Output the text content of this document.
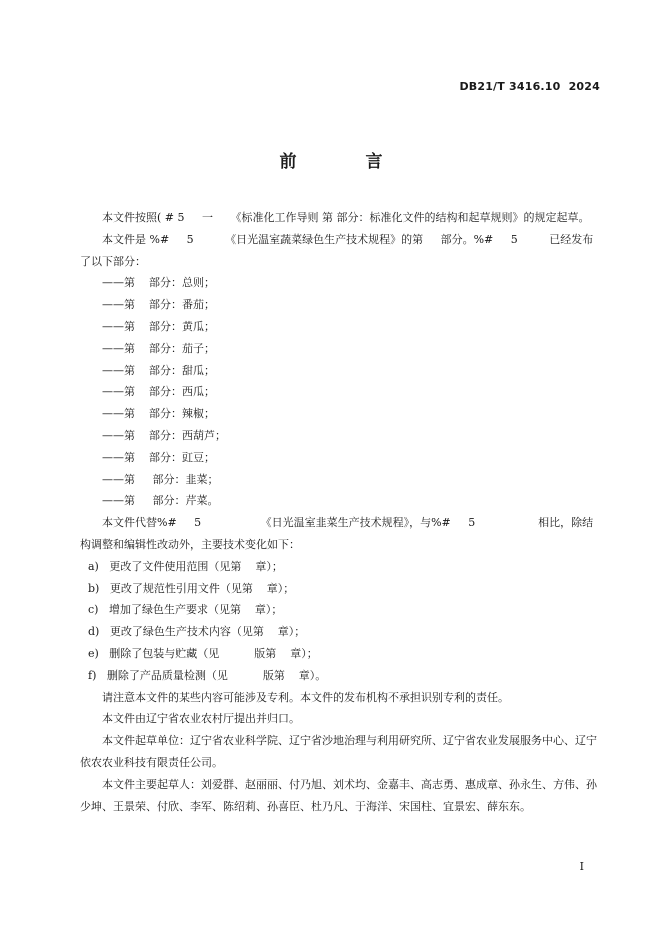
DB21/T 3416.10  2024
前　言

本文件按照( # 5     一     《标准化工作导则 第 部分：标准化文件的结构和起草规则》的规定起草。

本文件是 %#     5         《日光温室蔬菜绿色生产技术规程》的第     部分。%#     5         已经发布了以下部分：

——第    部分：总则；

——第    部分：番茄；

——第    部分：黄瓜；

——第    部分：茄子；

——第    部分：甜瓜；

——第    部分：西瓜；

——第    部分：辣椒；

——第    部分：西葫芦；

——第    部分：豇豆；

——第     部分：韭菜；

——第     部分：芹菜。

本文件代替%#     5                 《日光温室韭菜生产技术规程》，与%#     5                  相比，除结构调整和编辑性改动外，主要技术变化如下：

a)   更改了文件使用范围（见第    章）；

b)   更改了规范性引用文件（见第    章）；

c)   增加了绿色生产要求（见第    章）；

d)   更改了绿色生产技术内容（见第    章）；

e)   删除了包装与贮藏（见          版第    章）；

f)   删除了产品质量检测（见          版第    章）。

请注意本文件的某些内容可能涉及专利。本文件的发布机构不承担识别专利的责任。

本文件由辽宁省农业农村厅提出并归口。

本文件起草单位：辽宁省农业科学院、辽宁省沙地治理与利用研究所、辽宁省农业发展服务中心、辽宁依农农业科技有限责任公司。

本文件主要起草人：刘爱群、赵丽丽、付乃旭、刘术均、金嘉丰、高志勇、惠成章、孙永生、方伟、孙少坤、王景荣、付欣、李军、陈绍莉、孙喜臣、杜乃凡、于海洋、宋国柱、宜景宏、薛东东。

I
